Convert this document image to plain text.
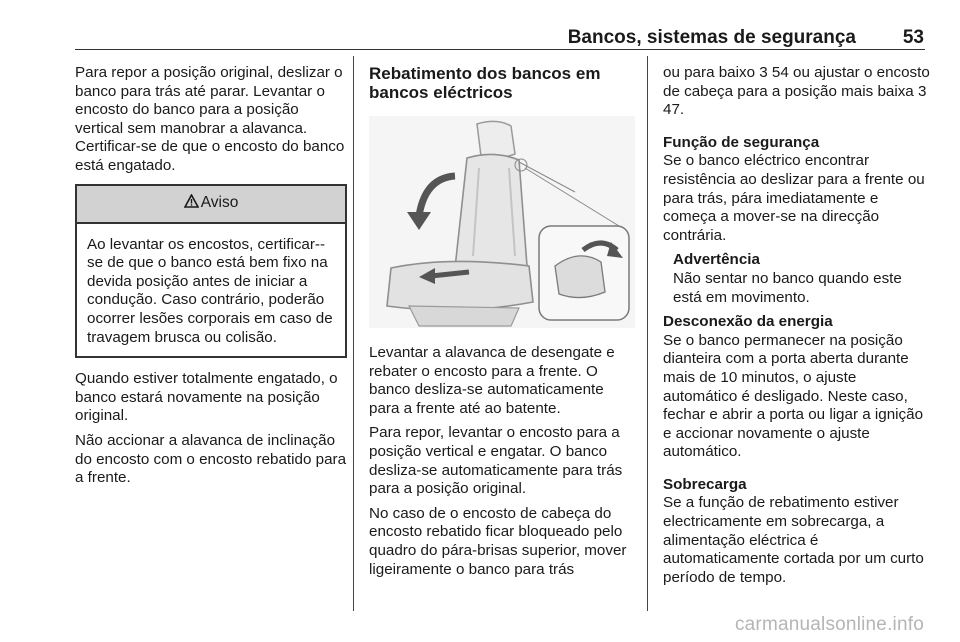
Bancos, sistemas de segurança 53

Para repor a posição original, deslizar o banco para trás até parar. Levantar o encosto do banco para a posição vertical sem manobrar a alavanca. Certificar-se de que o encosto do banco está engatado.

Aviso
Ao levantar os encostos, certificar--se de que o banco está bem fixo na devida posição antes de iniciar a condução. Caso contrário, poderão ocorrer lesões corporais em caso de travagem brusca ou colisão.

Quando estiver totalmente engatado, o banco estará novamente na posição original.

Não accionar a alavanca de inclinação do encosto com o encosto rebatido para a frente.

Rebatimento dos bancos em bancos eléctricos

Levantar a alavanca de desengate e rebater o encosto para a frente. O banco desliza-se automaticamente para a frente até ao batente.

Para repor, levantar o encosto para a posição vertical e engatar. O banco desliza-se automaticamente para trás para a posição original.

No caso de o encosto de cabeça do encosto rebatido ficar bloqueado pelo quadro do pára-brisas superior, mover ligeiramente o banco para trás

ou para baixo 3 54 ou ajustar o encosto de cabeça para a posição mais baixa 3 47.

Função de segurança

Se o banco eléctrico encontrar resistência ao deslizar para a frente ou para trás, pára imediatamente e começa a mover-se na direcção contrária.

Advertência

Não sentar no banco quando este está em movimento.

Desconexão da energia

Se o banco permanecer na posição dianteira com a porta aberta durante mais de 10 minutos, o ajuste automático é desligado. Neste caso, fechar e abrir a porta ou ligar a ignição e accionar novamente o ajuste automático.

Sobrecarga

Se a função de rebatimento estiver electricamente em sobrecarga, a alimentação eléctrica é automaticamente cortada por um curto período de tempo.

carmanualsonline.info
